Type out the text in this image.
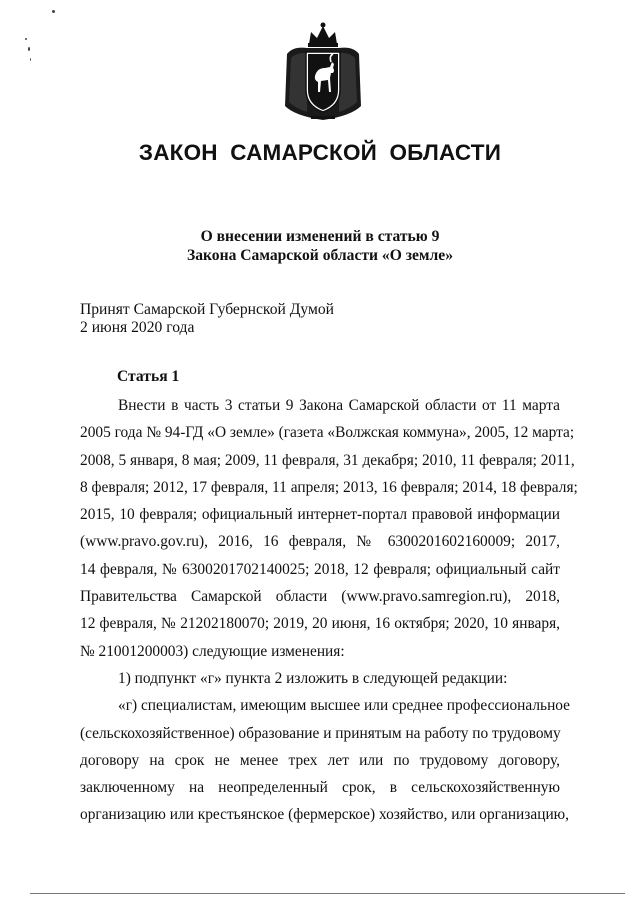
ЗАКОН САМАРСКОЙ ОБЛАСТИ
О внесении изменений в статью 9
Закона Самарской области «О земле»
Принят Самарской Губернской Думой
2 июня 2020 года
Статья 1

Внести в часть 3 статьи 9 Закона Самарской области от 11 марта

2005 года № 94-ГД «О земле» (газета «Волжская коммуна», 2005, 12 марта;

2008, 5 января, 8 мая; 2009, 11 февраля, 31 декабря; 2010, 11 февраля; 2011,

8 февраля; 2012, 17 февраля, 11 апреля; 2013, 16 февраля; 2014, 18 февраля;

2015, 10 февраля; официальный интернет-портал правовой информации

(www.pravo.gov.ru), 2016, 16 февраля, № 6300201602160009; 2017,

14 февраля, № 6300201702140025; 2018, 12 февраля; официальный сайт

Правительства Самарской области (www.pravo.samregion.ru), 2018,

12 февраля, № 21202180070; 2019, 20 июня, 16 октября; 2020, 10 января,

№ 21001200003) следующие изменения:

1) подпункт «г» пункта 2 изложить в следующей редакции:

«г) специалистам, имеющим высшее или среднее профессиональное

(сельскохозяйственное) образование и принятым на работу по трудовому

договору на срок не менее трех лет или по трудовому договору,

заключенному на неопределенный срок, в сельскохозяйственную

организацию или крестьянское (фермерское) хозяйство, или организацию,
